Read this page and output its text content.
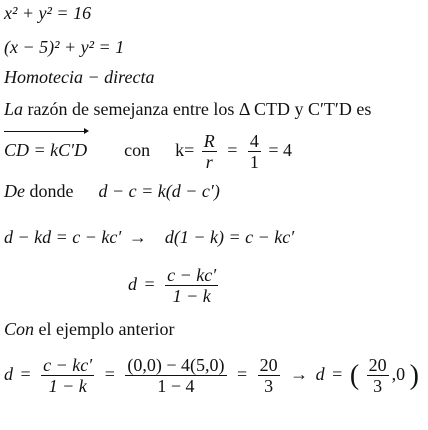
x² + y² = 16
(x − 5)² + y² = 1
Homotecia − directa
La razón de semejanza entre los Δ CTD y C′T′D es
CD = kC′D con $k= \frac{R}{r} = \frac{4}{1} = 4$
De donde d − c = k(d − c′)
d − kd = c − kc′ → d(1 − k) = c − kc′
$d = \frac{c - kc'}{1 - k}$
Con el ejemplo anterior
$d = \frac{c - kc'}{1 - k} = \frac{(0,0) - 4(5,0)}{1 - 4} = \frac{20}{3} \to d$ = ( $\frac{20}{3} ,0$ )
